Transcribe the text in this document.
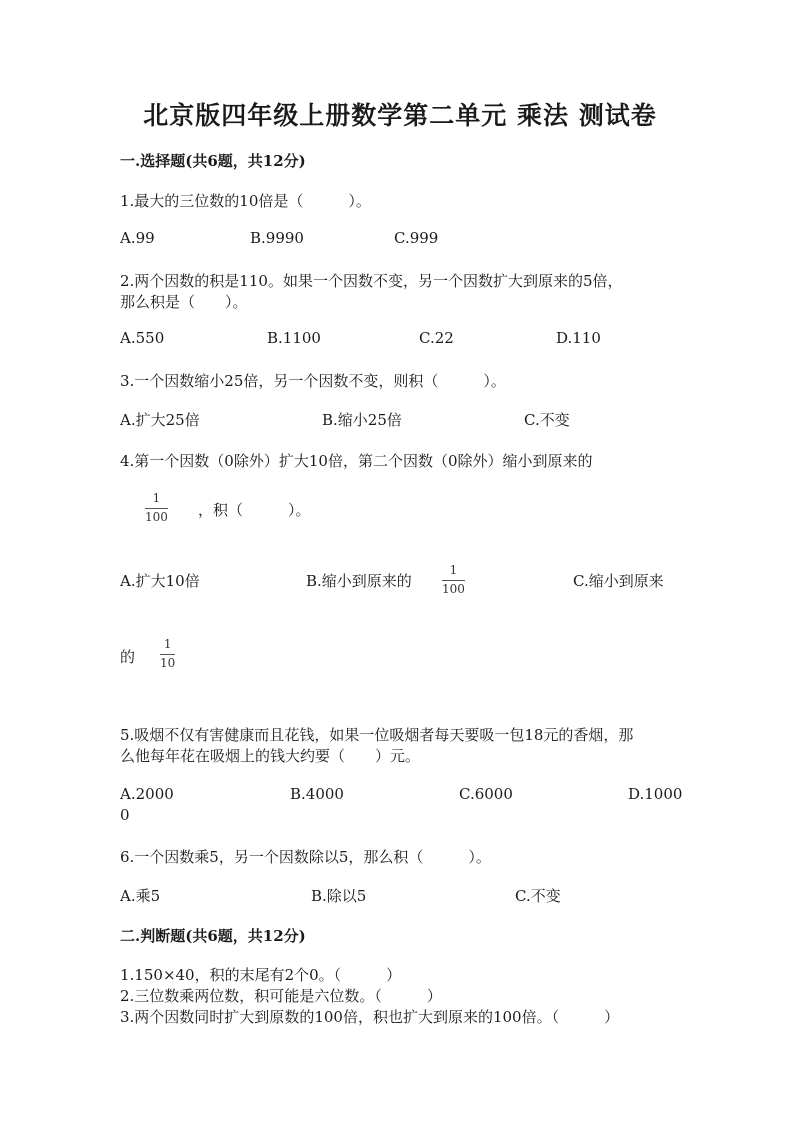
北京版四年级上册数学第二单元 乘法 测试卷
一.选择题(共6题，共12分)
1.最大的三位数的10倍是（　　　）。
A.99	B.9990	C.999
2.两个因数的积是110。如果一个因数不变，另一个因数扩大到原来的5倍，
那么积是（　　）。
A.550	B.1100	C.22	D.110
3.一个因数缩小25倍，另一个因数不变，则积（　　　）。
A.扩大25倍	B.缩小25倍	C.不变
4.第一个因数（0除外）扩大10倍，第二个因数（0除外）缩小到原来的
1
100 ，积（　　　）。
A.扩大10倍	B.缩小到原来的
1
100	C.缩小到原来
的
1
10
5.吸烟不仅有害健康而且花钱，如果一位吸烟者每天要吸一包18元的香烟，那
么他每年花在吸烟上的钱大约要（　　）元。
A.2000	B.4000	C.6000	D.1000
0
6.一个因数乘5，另一个因数除以5，那么积（　　　）。
A.乘5	B.除以5	C.不变
二.判断题(共6题，共12分)
1.150×40，积的末尾有2个0。（　　　）
2.三位数乘两位数，积可能是六位数。（　　　）
3.两个因数同时扩大到原数的100倍，积也扩大到原来的100倍。（　　　）
